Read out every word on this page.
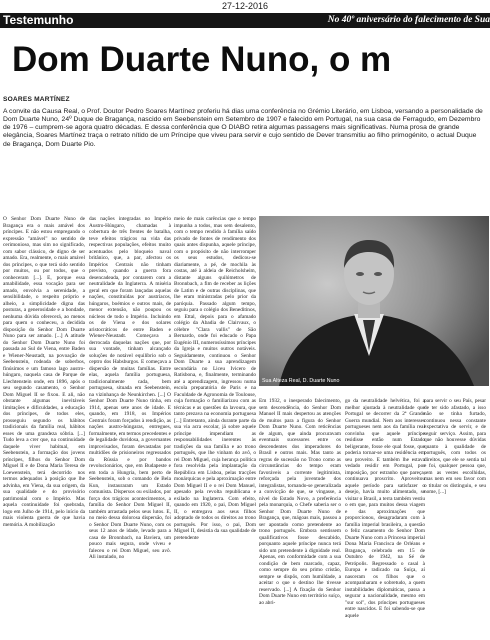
27-12-2016
Testemunho	No 40º aniversário do falecimento de Sua
Dom Duarte Nuno, o m
SOARES MARTÍNEZ

A convite da Causa Real, o Prof. Doutor Pedro Soares Martínez proferiu há dias uma conferência no Grémio Literário, em Lisboa, versando a personalidade de Dom Duarte Nuno, 24º Duque de Bragança, nascido em Seebenstein em Setembro de 1907 e falecido em Portugal, na sua casa de Ferragudo, em Dezembro de 1976 – cumprem-se agora quatro décadas. E dessa conferência que O DIABO retira algumas passagens mais significativas. Numa prosa de grande elegância, Soares Martínez traça o retrato nítido de um Príncipe que viveu para servir e cujo sentido de Dever transmitiu ao filho primogénito, o actual Duque de Bragança, Dom Duarte Pio.

O Senhor Dom Duarte Nuno de Bragança era o mais amável dos príncipes. E não estou empregando o expressão "amável" no sentido de cerimonioso, mas sim no significado, com sabor clássico, de digno de ser amado. Era, realmente, o mais amável dos príncipes, o que terá sido sentido por muitos, ou por todos, que o conheceram [...]. E, porque essa amabilidade, essa vocação para ser amado, envolvia a serenidade, a sensibilidade, o respeito próprio e alheio, a simplicidade digna das posturas, a generosidade e a bondade, nenhuma dúvida oferecerá, ao menos para quem o conheceu, a decidida disposição do Senhor Dom Duarte Nuno para ser amado. [...] A atitude do Senhor Dom Duarte Nuno foi passada ao Sul de Viena, entre Baden e Wiener-Neustadt, na povoação de Seebenstein, rodeada de soberbos, finúsimos e um famoso lago austro-húngaro, naquela casa de Parque de Liechtenstein onde, em 1896, após o seu segundo casamento, o Senhor Dom Miguel II se fixou. E ali, não obstante algumas inevitáveis limitações e dificuldades, a educação dos príncipes, de todos eles, prosseguiu segundo os hábitos tradicionais da família real, hábitos esses de uma grandeza sóbria. [...] Tudo leva a crer que, na continuidade daquele viver habitual, em Seebenstein, a formação dos jovens príncipes, filhos do Senhor Dom Miguel II e de Dona Maria Teresa de Loewenstein, terá decorrido nos termos adequados à posição que lhe advinha, em Viena, da sua origem, da sua qualidade e do provisório patrimonial com o Império. Mas aquela continuidade foi quebrada, logo em Julho de 1914, pelo início da mais violenta guerra de que havia memória. A mobilização

das nações integradas no Império Austro-Húngaro, chamadas à cobertura de três frentes de batalha, teve efeitos trágicos na vida das respectivas populações, efeitos muito acentuados pelo bloqueio naval britânico, que, a par, afectou os Impérios Centrais não tinham previsto, quando a guerra fora desencadeada, por contarem com a neutralidade da Inglaterra. A miséria geral em que foram lançadas aquelas nações, constituídas por austríacos, húngaros, boémios e outros mais, de menor extensão, não poupou os núcleos de todo o Império. Incluindo os de Viena e dos solares aristocráticos de entre Baden e Wiener-Neustadt. Começava a derrocada daquelas nações que, por sua vontade, tinham alcançado soluções de notável equilíbrio sob o ceptro dos Habsburgos. E começava a dispersão de muitas famílias. Entre elas, aquela família portuguesa, tradicionalmente cada, bem portuguesa, situada em Seebenstein, na vizinhança de Neunkirchen. [...] O Senhor Dom Duarte Nuno tinha, em 1914, apenas sete anos de idade. E quando, em 1918, os Impérios Centrais foram forçados à rendição, as nações austro-húngaras, entregues, formalmente, em termos precedentes e de legalidade duvidosa, a governantes improvisados, foram devastadas por multidões de prisioneiros regressados da Rússia e por bandos revolucionários, que, em Budapeste e em toda a Hungria, bem perto de Seebenstein, sob o comando de Bela Kun, instauraram um Estado comunista. Dispersos ou exilados, por força dos trágicos acontecimentos, a família do Senhor Dom Miguel II, também arrastada pelos seus lutos. E, no meio dessa dolorosa dispersão, foi o Senhor Dom Duarte Nuno, com os seus 12 anos de idade, levado para a casa de Bronnbach, na Baviera, um pouco mais segura, onde viveu e faleceu o rei Dom Miguel, seu avô. Ali instalado, no

meio de mais carências que o tempo impunha a todos, mas sem desalento, com o tempo rendido à família saído privado de fontes de rendimento dos quais antes dispunha, aquele príncipe, com o propósito de não interromper os seus estudos, dedicou-se diariamente, a pé, de mochila às costas, até à aldeia de Reicholsheim, distante alguns quilómetros de Bronnbach, a fim de receber as lições de Latim e de outras disciplinas, que lhe eram ministradas pelo prior da paróquia. Passado algum tempo, seguiu para o colégio dos Beneditinos, em Ettal, depois para o afamado colégio da Abadia de Clairvaux, o célebre "Clara vallis" de São Bernardo, onde foi educado o Papa Eugénio III, numerosíssimos príncipes da Igreja e muitos outros notáveis. Seguidamente, continuou o Senhor Dom Duarte a sua aprendizagem secundária no Liceu Ivicero de Ratisbona, e, finalmente, terminando até a aprendizagem, ingressou numa escola preparatória de Paris e na Faculdade de Agronomia de Toulouse, cuja formação o familiarizou com as técnicas e as questões da lavoura, que tanto prezava na economia portuguesa [...] Entretanto, ainda durante parte da sua via acra escolar, já sobre aquele príncipe impendiam as responsabilidades inerentes às tradições da sua família e ao trono português, que lhe vinham do avô, o rei Dom Miguel, cuja herança política fora resolvida pela implantação da República em Lisboa, pelas tracções monárquicas e pela aproximação entre Dom Miguel II e o rei Dom Manuel, apesado pela revolta republicana e exilado na Inglaterra. Com efeito, quando em 1920, o pai, Dom Miguel II, o entregava aos seus filhos adoptado de todos os direitos ao trono português. Por isso, o pai, Dom Miguel II, desistia da sua qualidade de pretendente

Sua Alteza Real, D. Duarte Nuno

Em 1932, o inesperado falecimento, sem descendência, do Senhor Dom Manuel II mais despertou as atenções de muitos para a figura do Senhor Dom Duarte Nuno. Com reticências de algum, que ainda procuravam eventuais sucessores entre os descendentes dos imperadores do Brasil e outros mais. Mas tanto as regras de sucessão no Trono como as circunstâncias do tempo eram favoráveis a corrente legitimista, reforçada pela juventude dos integralistas, tornando-se generalizada a convicção de que, se vingasse, a nível do Estado Novo, a preferência pela monarquia, o Chefe saberia ser o Senhor Dom Duarte Nuno de Bragança, que, mágoas mais, passou a ser apontado como pretendente ao trono português. Embora sentissem qualificativos fosse descabido, porquanto aquele príncipe nunca terá sido um pretendente à dignidade real. Apenas, em conformidade com a sua condição de bem marcado, capaz, como sempre do seu primo cristão, sempre se dispôs, com humildade, a aceitar o que o destino lhe tivesse reservado. [...] A fixação do Senhor Dom Duarte Nuno em território suíço, ao abri-

go da neutralidade helvética, foi a melhor ajustada à neutralidade que Portugal se decorrer da 2ª Grande Guerra mundial. Nem aos interesses portugueses nem aos da família real convinha que aquele príncipe residisse então num Estado beligerante, fosse ele qual fosse, que poderia tornar-se uma residência em seu proveito. E também lhe estava vedado residir em Portugal, por imposição, por estranho que pareça, continuava proscrito. Aproveitou aquele período para satisfazer o desejo, havia muito alimentado, se visitar o Brasil, a terra também vestiu o em que, para muitos dessa viagem e das aproximações que proporcionou, desagradaram com à família imperial brasileira, a questão o feliz casamento do Senhor Dom Duarte Nuno com a Princesa imperial Dona Maria Francisca de Orléans e Bragança, celebrado em 15 de Outubro de 1942, na Sé de Petrópolis. Regressado o casal à Europa e radicado na Suíça, aí nasceram os filhos que o acompanharam e sobretudo, a quem instabilidades diplomáticas, passa a segurar a nacionalidade, mesmo em "sur sol", dos príncipes portugueses entre nascidos. E foi sabendo-se que aquele

para servir o seu País, pesar de ter sido afastado, a isso não se tinha furtado, continuou nessa constante expectativa de servir, e de seguir serviço. Assim, para que não houvesse dúvidas quanto à qualidade de português, com todos os direitos, que ele se sentia tal e foi, qualquer pessoa que, sem as vestes escolhidas, mas nem em seu favor com o titular os distinguiu, e seu nome, [...]
